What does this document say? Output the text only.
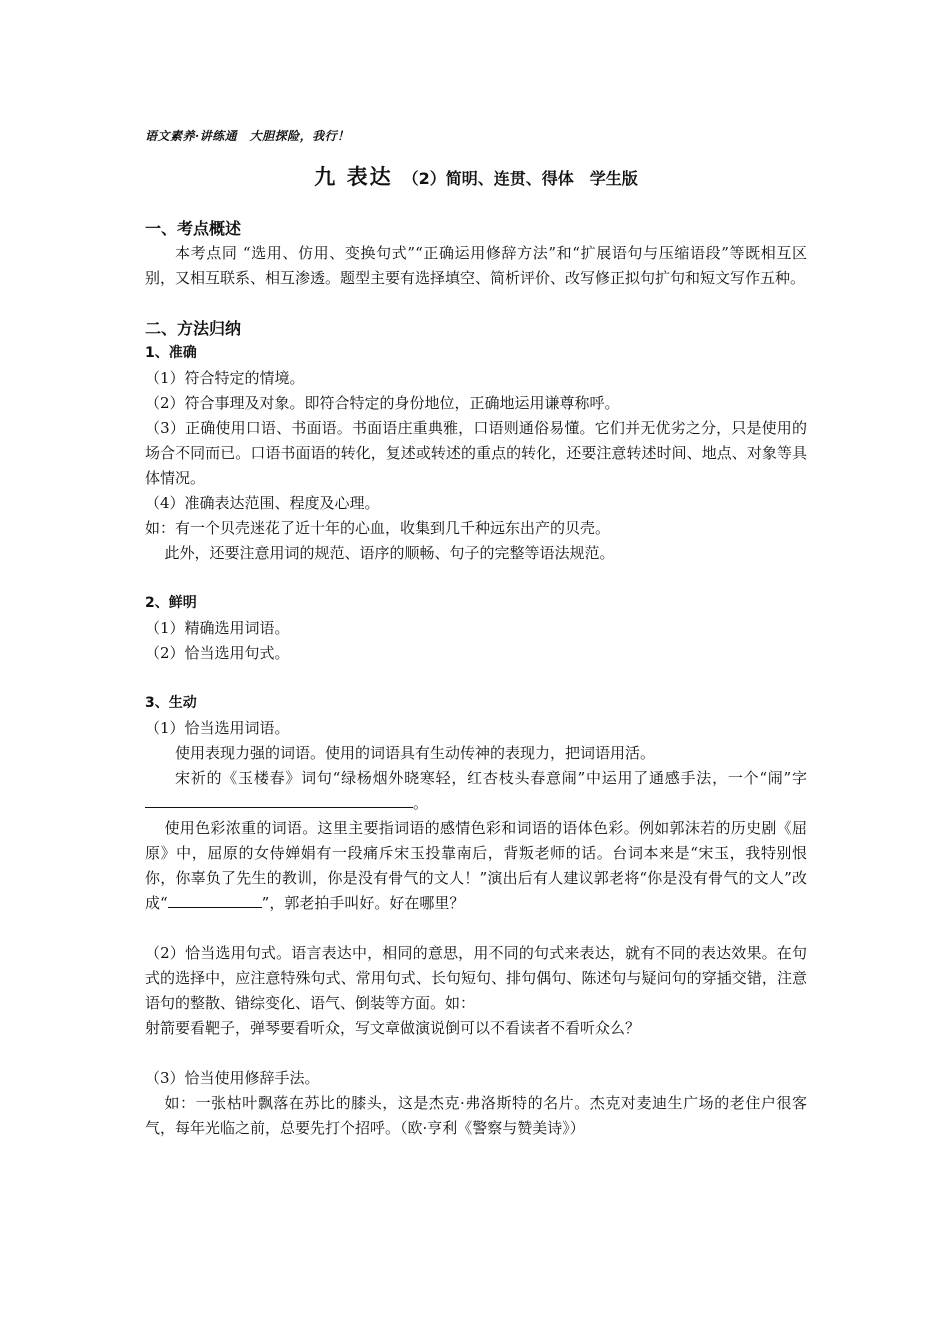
语文素养·讲练通　大胆探险，我行！
九 表达 （2）简明、连贯、得体　学生版
一、考点概述

本考点同 “选用、仿用、变换句式”“正确运用修辞方法”和“扩展语句与压缩语段”等既相互区别，又相互联系、相互渗透。题型主要有选择填空、简析评价、改写修正拟句扩句和短文写作五种。

二、方法归纳
1、准确

（1）符合特定的情境。

（2）符合事理及对象。即符合特定的身份地位，正确地运用谦尊称呼。

（3）正确使用口语、书面语。书面语庄重典雅，口语则通俗易懂。它们并无优劣之分，只是使用的场合不同而已。口语书面语的转化，复述或转述的重点的转化，还要注意转述时间、地点、对象等具体情况。

（4）准确表达范围、程度及心理。

如：有一个贝壳迷花了近十年的心血，收集到几千种远东出产的贝壳。

此外，还要注意用词的规范、语序的顺畅、句子的完整等语法规范。

2、鲜明

（1）精确选用词语。

（2）恰当选用句式。

3、生动

（1）恰当选用词语。

使用表现力强的词语。使用的词语具有生动传神的表现力，把词语用活。

宋祈的《玉楼春》词句“绿杨烟外晓寒轻，红杏枝头春意闹”中运用了通感手法，一个“闹”字。

使用色彩浓重的词语。这里主要指词语的感情色彩和词语的语体色彩。例如郭沫若的历史剧《屈原》中，屈原的女侍婵娟有一段痛斥宋玉投靠南后，背叛老师的话。台词本来是“宋玉，我特别恨你，你辜负了先生的教训，你是没有骨气的文人！”演出后有人建议郭老将“你是没有骨气的文人”改成“	”，郭老拍手叫好。好在哪里？

（2）恰当选用句式。语言表达中，相同的意思，用不同的句式来表达，就有不同的表达效果。在句式的选择中，应注意特殊句式、常用句式、长句短句、排句偶句、陈述句与疑问句的穿插交错，注意语句的整散、错综变化、语气、倒装等方面。如：

射箭要看靶子，弹琴要看听众，写文章做演说倒可以不看读者不看听众么？

（3）恰当使用修辞手法。

如：一张枯叶飘落在苏比的膝头，这是杰克·弗洛斯特的名片。杰克对麦迪生广场的老住户很客气，每年光临之前，总要先打个招呼。（欧·亨利《警察与赞美诗》）
